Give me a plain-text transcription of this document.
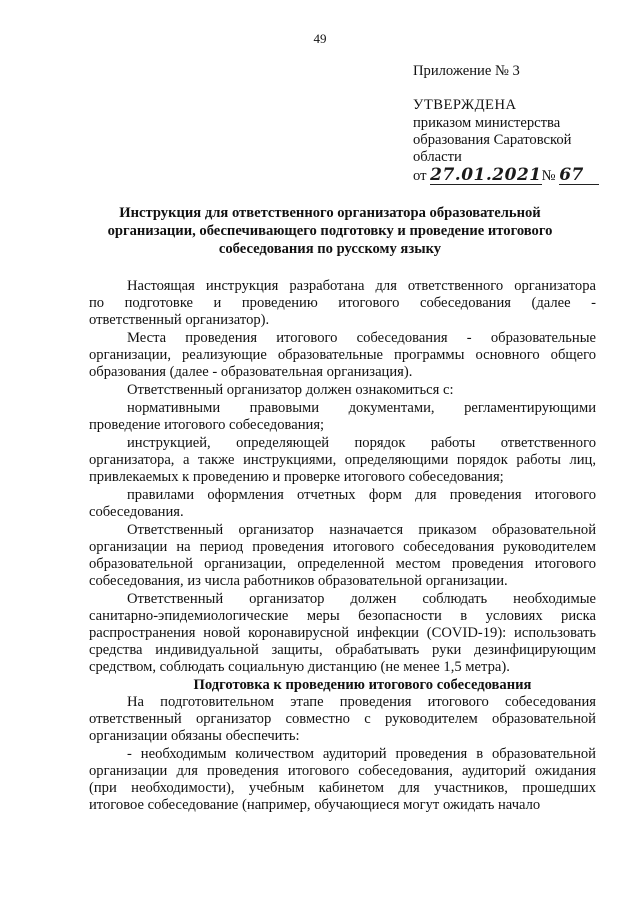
49
Приложение № 3
УТВЕРЖДЕНА
приказом министерства
образования Саратовской
области
от 27.01.2021№ 67
Инструкция для ответственного организатора образовательной
организации, обеспечивающего подготовку и проведение итогового
собеседования по русскому языку
Настоящая инструкция разработана для ответственного организатора
по подготовке и проведению итогового собеседования (далее -
ответственный организатор).
Места проведения итогового собеседования - образовательные
организации, реализующие образовательные программы основного общего
образования (далее - образовательная организация).
Ответственный организатор должен ознакомиться с:
нормативными правовыми документами, регламентирующими
проведение итогового собеседования;
инструкцией, определяющей порядок работы ответственного
организатора, а также инструкциями, определяющими порядок работы лиц,
привлекаемых к проведению и проверке итогового собеседования;
правилами оформления отчетных форм для проведения итогового
собеседования.
Ответственный организатор назначается приказом образовательной
организации на период проведения итогового собеседования руководителем
образовательной организации, определенной местом проведения итогового
собеседования, из числа работников образовательной организации.
Ответственный организатор должен соблюдать необходимые
санитарно-эпидемиологические меры безопасности в условиях риска
распространения новой коронавирусной инфекции (COVID-19): использовать
средства индивидуальной защиты, обрабатывать руки дезинфицирующим
средством, соблюдать социальную дистанцию (не менее 1,5 метра).
Подготовка к проведению итогового собеседования
На подготовительном этапе проведения итогового собеседования
ответственный организатор совместно с руководителем образовательной
организации обязаны обеспечить:
- необходимым количеством аудиторий проведения в образовательной
организации для проведения итогового собеседования, аудиторий ожидания
(при необходимости), учебным кабинетом для участников, прошедших
итоговое собеседование (например, обучающиеся могут ожидать начало
